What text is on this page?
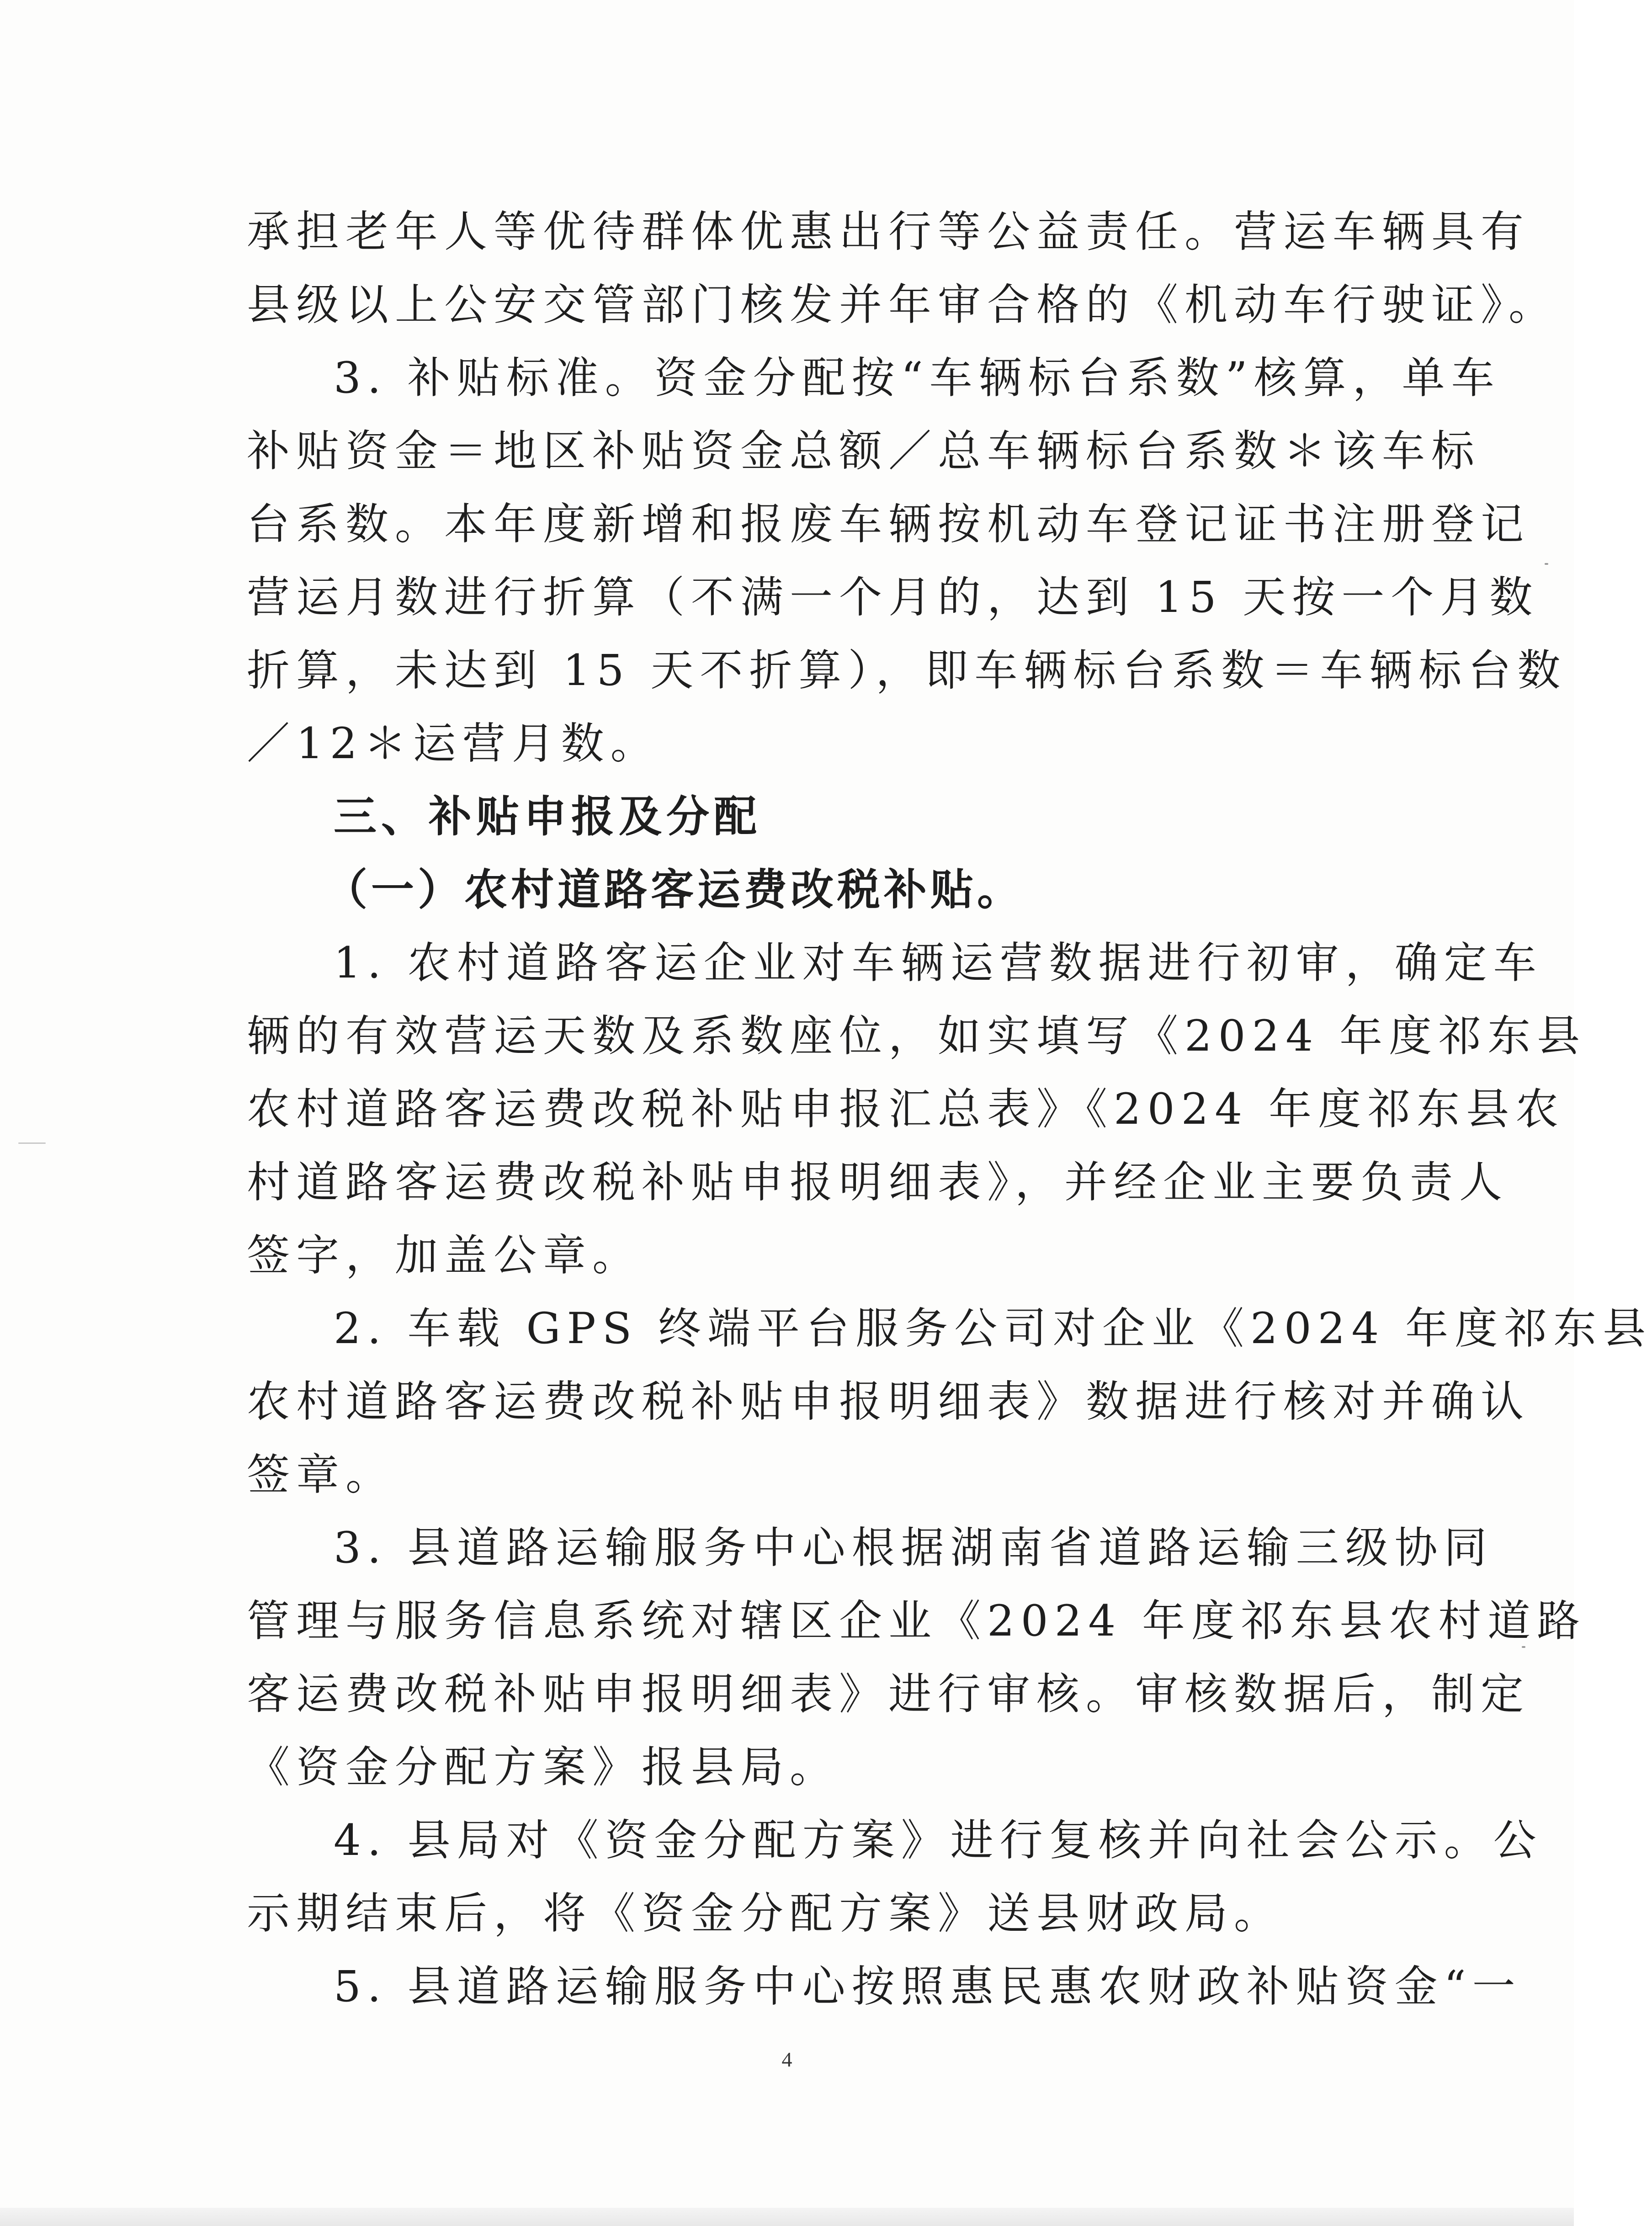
承担老年人等优待群体优惠出行等公益责任。营运车辆具有
县级以上公安交管部门核发并年审合格的《机动车行驶证》。
3. 补贴标准。资金分配按“车辆标台系数”核算，单车
补贴资金＝地区补贴资金总额／总车辆标台系数＊该车标
台系数。本年度新增和报废车辆按机动车登记证书注册登记
营运月数进行折算（不满一个月的，达到 15 天按一个月数
折算，未达到 15 天不折算），即车辆标台系数＝车辆标台数
／12＊运营月数。
三、补贴申报及分配
（一）农村道路客运费改税补贴。
1. 农村道路客运企业对车辆运营数据进行初审，确定车
辆的有效营运天数及系数座位，如实填写《2024 年度祁东县
农村道路客运费改税补贴申报汇总表》《2024 年度祁东县农
村道路客运费改税补贴申报明细表》，并经企业主要负责人
签字，加盖公章。
2. 车载 GPS 终端平台服务公司对企业《2024 年度祁东县
农村道路客运费改税补贴申报明细表》数据进行核对并确认
签章。
3. 县道路运输服务中心根据湖南省道路运输三级协同
管理与服务信息系统对辖区企业《2024 年度祁东县农村道路
客运费改税补贴申报明细表》进行审核。审核数据后，制定
《资金分配方案》报县局。
4. 县局对《资金分配方案》进行复核并向社会公示。公
示期结束后，将《资金分配方案》送县财政局。
5. 县道路运输服务中心按照惠民惠农财政补贴资金“一
4
